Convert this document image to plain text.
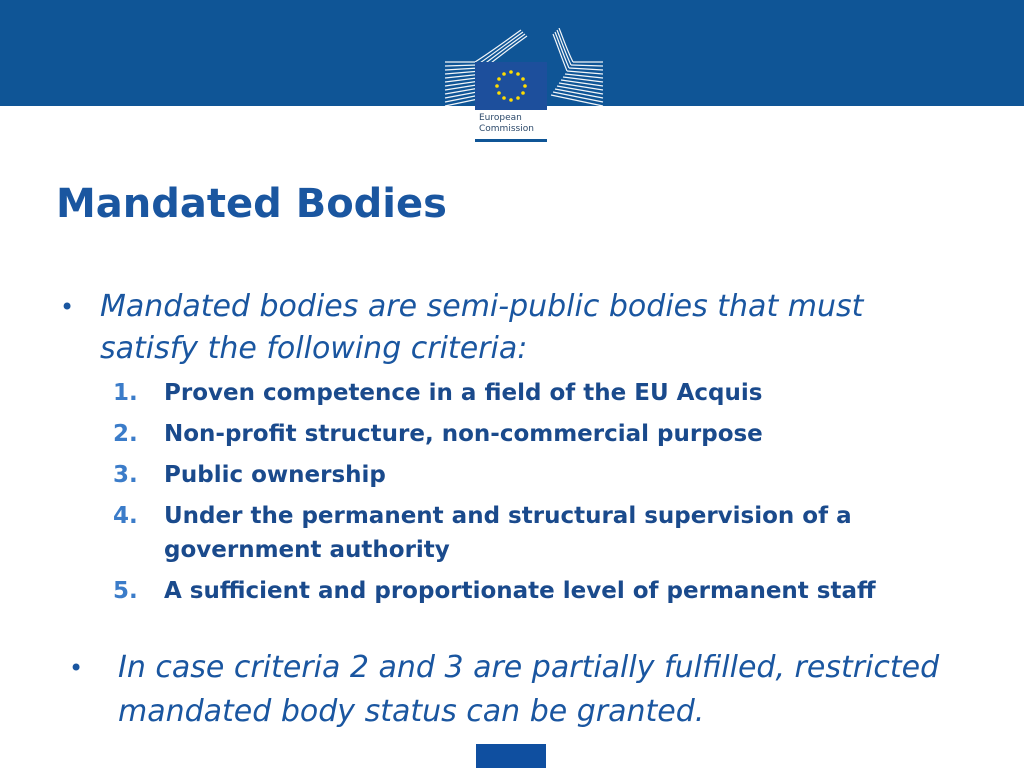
European
Commission
Mandated Bodies

• Mandated bodies are semi-public bodies that must satisfy the following criteria:

1. Proven competence in a field of the EU Acquis
2. Non-profit structure, non-commercial purpose
3. Public ownership
4. Under the permanent and structural supervision of a government authority
5. A sufficient and proportionate level of permanent staff

• In case criteria 2 and 3 are partially fulfilled, restricted mandated body status can be granted.
